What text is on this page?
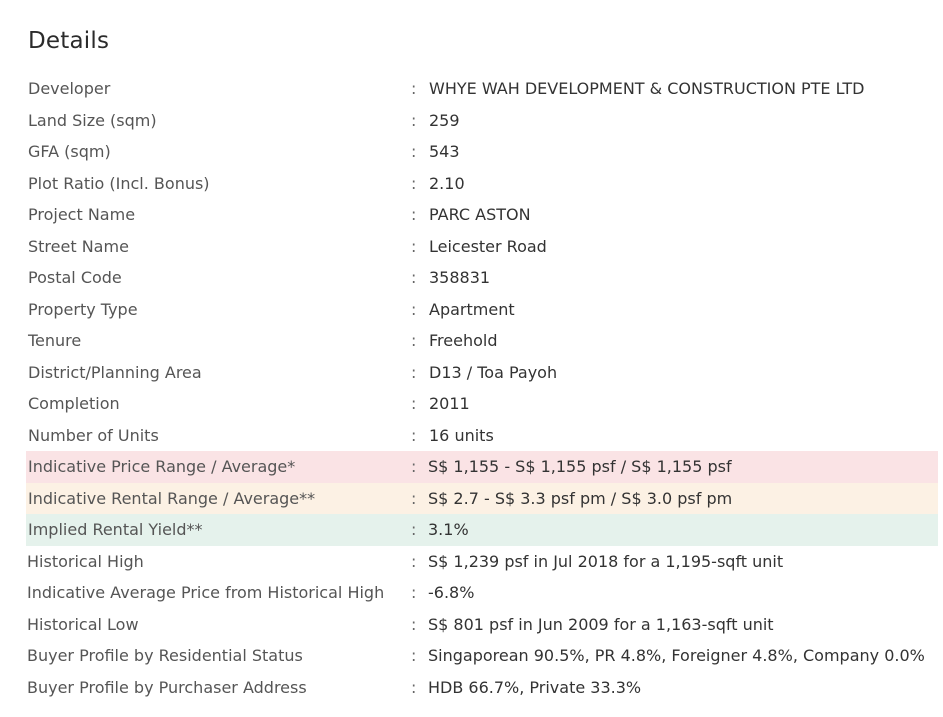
Details
Developer	: WHYE WAH DEVELOPMENT & CONSTRUCTION PTE LTD
Land Size (sqm)	: 259
GFA (sqm)	: 543
Plot Ratio (Incl. Bonus)	: 2.10
Project Name	: PARC ASTON
Street Name	: Leicester Road
Postal Code	: 358831
Property Type	: Apartment
Tenure	: Freehold
District/Planning Area	: D13 / Toa Payoh
Completion	: 2011
Number of Units	: 16 units
Indicative Price Range / Average*	: S$ 1,155 - S$ 1,155 psf / S$ 1,155 psf
Indicative Rental Range / Average**	: S$ 2.7 - S$ 3.3 psf pm / S$ 3.0 psf pm
Implied Rental Yield**	: 3.1%
Historical High	: S$ 1,239 psf in Jul 2018 for a 1,195-sqft unit
Indicative Average Price from Historical High : -6.8%
Historical Low	: S$ 801 psf in Jun 2009 for a 1,163-sqft unit
Buyer Profile by Residential Status	: Singaporean 90.5%, PR 4.8%, Foreigner 4.8%, Company 0.0%
Buyer Profile by Purchaser Address	: HDB 66.7%, Private 33.3%
